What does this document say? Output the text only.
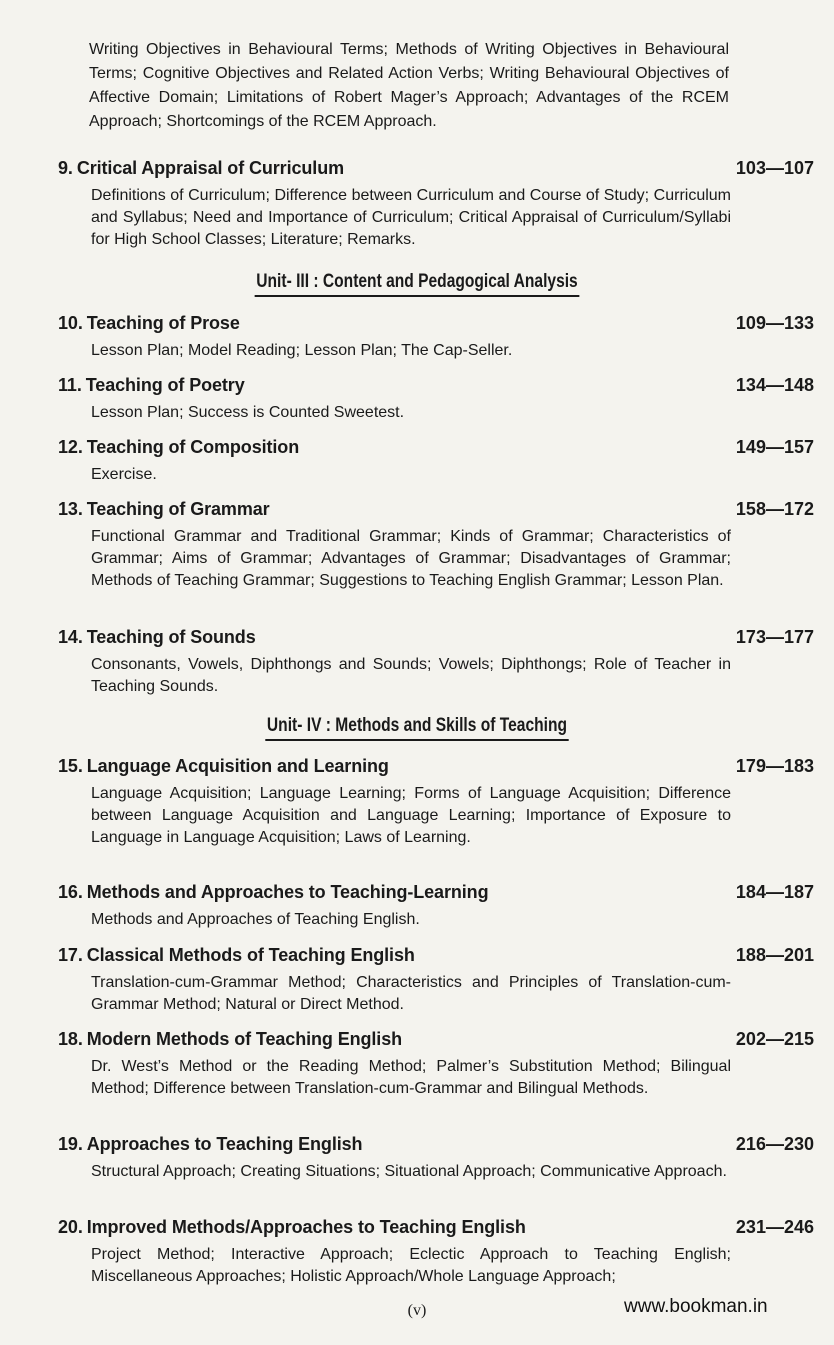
Writing Objectives in Behavioural Terms; Methods of Writing Objectives in Behavioural Terms; Cognitive Objectives and Related Action Verbs; Writing Behavioural Objectives of Affective Domain; Limitations of Robert Mager’s Approach; Advantages of the RCEM Approach; Shortcomings of the RCEM Approach.
9. Critical Appraisal of Curriculum	103—107
Definitions of Curriculum; Difference between Curriculum and Course of Study; Curriculum and Syllabus; Need and Importance of Curriculum; Critical Appraisal of Curriculum/Syllabi for High School Classes; Literature; Remarks.
Unit- III : Content and Pedagogical Analysis
10. Teaching of Prose	109—133
Lesson Plan; Model Reading; Lesson Plan; The Cap-Seller.
11. Teaching of Poetry	134—148
Lesson Plan; Success is Counted Sweetest.
12. Teaching of Composition	149—157
Exercise.
13. Teaching of Grammar	158—172
Functional Grammar and Traditional Grammar; Kinds of Grammar; Characteristics of Grammar; Aims of Grammar; Advantages of Grammar; Disadvantages of Grammar; Methods of Teaching Grammar; Suggestions to Teaching English Grammar; Lesson Plan.
14. Teaching of Sounds	173—177
Consonants, Vowels, Diphthongs and Sounds; Vowels; Diphthongs; Role of Teacher in Teaching Sounds.
Unit- IV : Methods and Skills of Teaching
15. Language Acquisition and Learning	179—183
Language Acquisition; Language Learning; Forms of Language Acquisition; Difference between Language Acquisition and Language Learning; Importance of Exposure to Language in Language Acquisition; Laws of Learning.
16. Methods and Approaches to Teaching-Learning	184—187
Methods and Approaches of Teaching English.
17. Classical Methods of Teaching English	188—201
Translation-cum-Grammar Method; Characteristics and Principles of Translation-cum-Grammar Method; Natural or Direct Method.
18. Modern Methods of Teaching English	202—215
Dr. West’s Method or the Reading Method; Palmer’s Substitution Method; Bilingual Method; Difference between Translation-cum-Grammar and Bilingual Methods.
19. Approaches to Teaching English	216—230
Structural Approach; Creating Situations; Situational Approach; Communicative Approach.
20. Improved Methods/Approaches to Teaching English	231—246
Project Method; Interactive Approach; Eclectic Approach to Teaching English; Miscellaneous Approaches; Holistic Approach/Whole Language Approach;
(v)	www.bookman.in
